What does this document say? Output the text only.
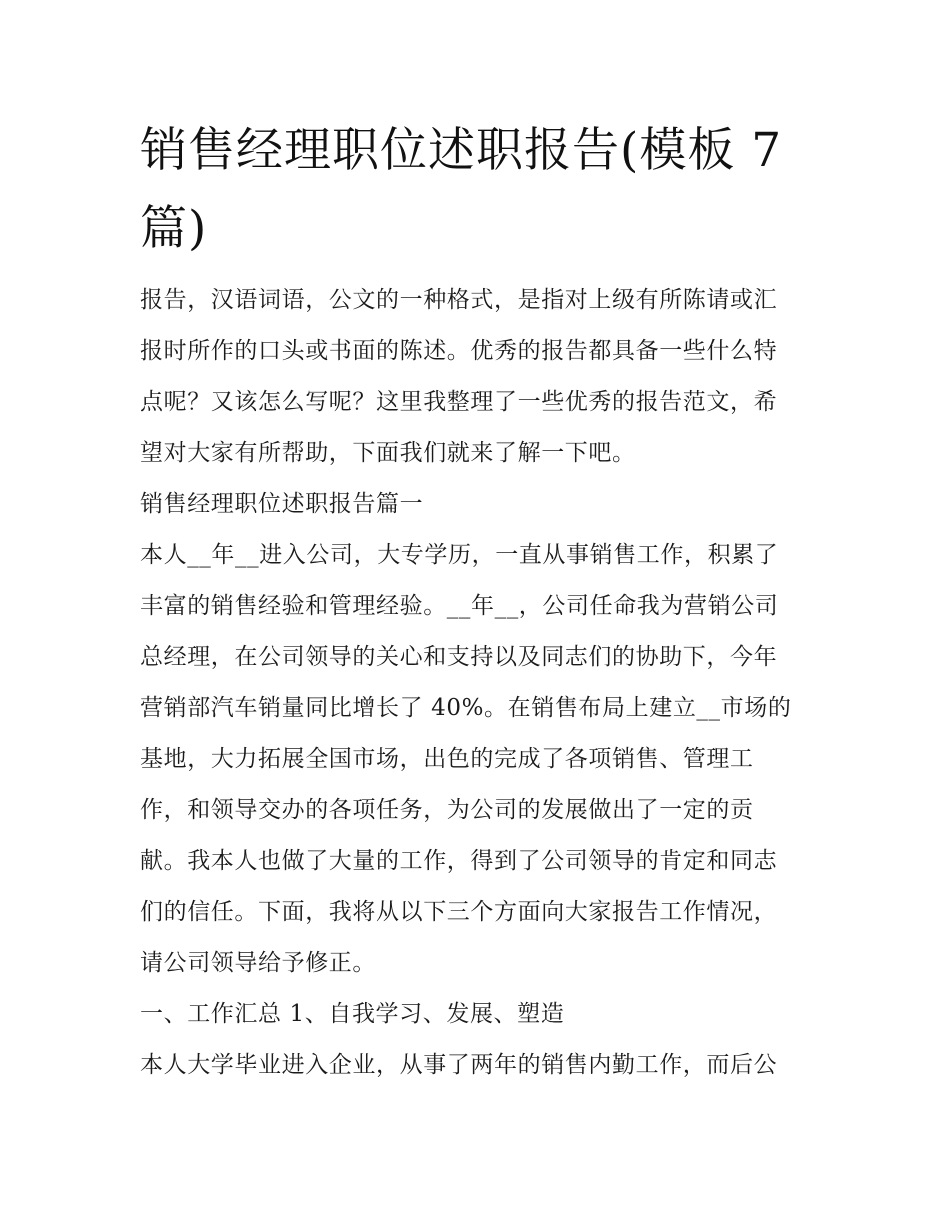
销售经理职位述职报告(模板 7
篇)

报告，汉语词语，公文的一种格式，是指对上级有所陈请或汇

报时所作的口头或书面的陈述。优秀的报告都具备一些什么特

点呢？又该怎么写呢？这里我整理了一些优秀的报告范文，希

望对大家有所帮助，下面我们就来了解一下吧。

销售经理职位述职报告篇一

本人__年__进入公司，大专学历，一直从事销售工作，积累了

丰富的销售经验和管理经验。__年__，公司任命我为营销公司

总经理，在公司领导的关心和支持以及同志们的协助下，今年

营销部汽车销量同比增长了 40%。在销售布局上建立__市场的

基地，大力拓展全国市场，出色的完成了各项销售、管理工

作，和领导交办的各项任务，为公司的发展做出了一定的贡

献。我本人也做了大量的工作，得到了公司领导的肯定和同志

们的信任。下面，我将从以下三个方面向大家报告工作情况，

请公司领导给予修正。

一、工作汇总 1、自我学习、发展、塑造

本人大学毕业进入企业，从事了两年的销售内勤工作，而后公
